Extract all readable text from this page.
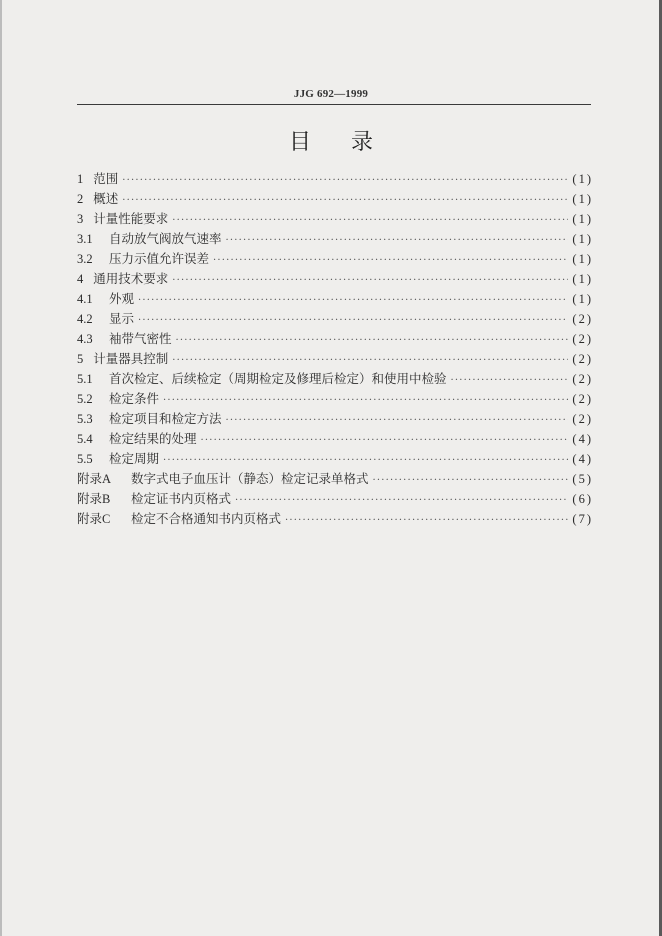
JJG 692—1999
目 录
1 范围 ·····	(1)
2 概述 ·····	(1)
3 计量性能要求 ·····	(1)
3.1	自动放气阀放气速率 ·····	(1)
3.2	压力示值允许误差 ·····	(1)
4 通用技术要求 ·····	(1)
4.1	外观 ·····	(1)
4.2	显示 ·····	(2)
4.3	袖带气密性 ·····	(2)
5 计量器具控制 ·····	(2)
5.1	首次检定、后续检定（周期检定及修理后检定）和使用中检验 ·····	(2)
5.2	检定条件 ·····	(2)
5.3	检定项目和检定方法 ·····	(2)
5.4	检定结果的处理 ·····	(4)
5.5	检定周期 ·····	(4)
附录A	数字式电子血压计（静态）检定记录单格式 ·····	(5)
附录B	检定证书内页格式 ·····	(6)
附录C	检定不合格通知书内页格式 ·····	(7)
